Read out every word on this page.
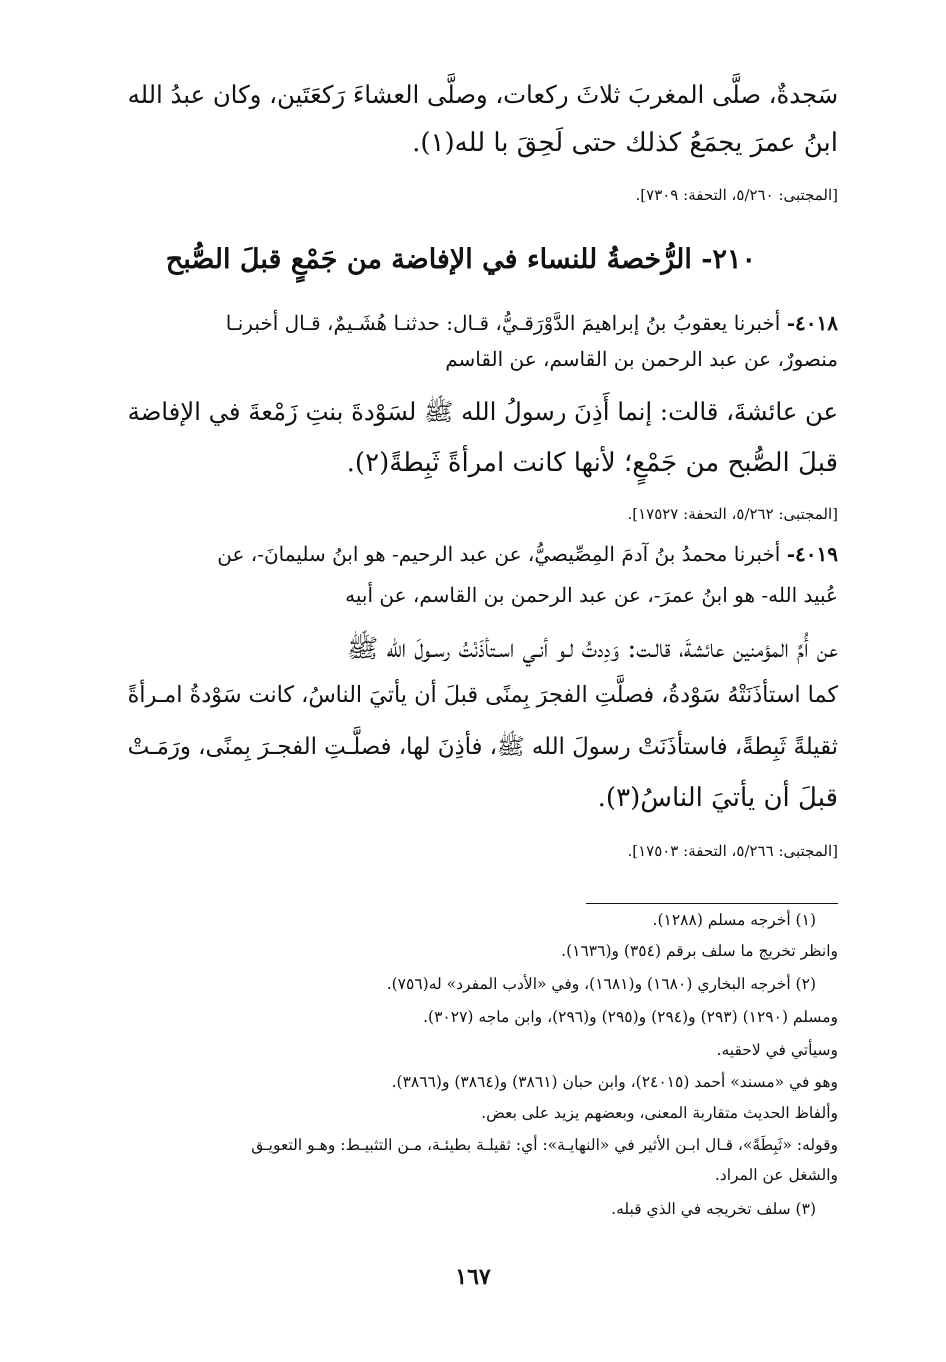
سَجدةٌ، صلَّى المغربَ ثلاثَ ركعات، وصلَّى العشاءَ رَكعَتَين، وكان عبدُ الله

ابنُ عمرَ يجمَعُ كذلك حتى لَحِقَ با لله(١).

[المجتبى: ٥/٢٦٠، التحفة: ٧٣٠٩].

٢١٠- الرُّخصةُ للنساء في الإفاضة من جَمْعٍ قبلَ الصُّبح

٤٠١٨- أخبرنا يعقوبُ بنُ إبراهيمَ الدَّوْرَقـيُّ، قـال: حدثنـا هُشَـيمٌ، قـال أخبرنـا

منصورٌ، عن عبد الرحمن بن القاسم، عن القاسم

عن عائشةَ، قالت: إنما أَذِنَ رسولُ الله ﷺ لسَوْدةَ بنتِ زَمْعةَ في الإفاضة

قبلَ الصُّبح من جَمْعٍ؛ لأنها كانت امرأةً ثَبِطةً(٢).

[المجتبى: ٥/٢٦٢، التحفة: ١٧٥٢٧].

٤٠١٩- أخبرنا محمدُ بنُ آدمَ المِصِّيصيُّ، عن عبد الرحيم- هو ابنُ سليمانَ-، عن

عُبيد الله- هو ابنُ عمرَ-، عن عبد الرحمن بن القاسم، عن أبيه

عن أُمِّ المؤمنين عائشةَ، قالـت: وَدِدتُ لـو أنـي اسـتأذَنْتُ رسـولَ الله ﷺ

كما استأذَنَتْهُ سَوْدةُ، فصلَّتِ الفجرَ بِمنًى قبلَ أن يأتيَ الناسُ، كانت سَوْدةُ امـرأةً

ثقيلةً ثَبِطةً، فاستأذَنَتْ رسولَ الله ﷺ، فأذِنَ لها، فصلَّـتِ الفجـرَ بِمنًى، ورَمَـتْ

قبلَ أن يأتيَ الناسُ(٣).

[المجتبى: ٥/٢٦٦، التحفة: ١٧٥٠٣].

(١) أخرجه مسلم (١٢٨٨).

وانظر تخريج ما سلف برقم (٣٥٤) و(١٦٣٦).

(٢) أخرجه البخاري (١٦٨٠) و(١٦٨١)، وفي «الأدب المفرد» له(٧٥٦).

ومسلم (١٢٩٠) (٢٩٣) و(٢٩٤) و(٢٩٥) و(٢٩٦)، وابن ماجه (٣٠٢٧).

وسيأتي في لاحقيه.

وهو في «مسند» أحمد (٢٤٠١٥)، وابن حبان (٣٨٦١) و(٣٨٦٤) و(٣٨٦٦).

وألفاظ الحديث متقاربة المعنى، وبعضهم يزيد على بعض.

وقوله: «ثَبِطَةً»، قـال ابـن الأثير في «النهايـة»: أي: ثقيلـة بطيئـة، مـن التثبيـط: وهـو التعويـق

والشغل عن المراد.

(٣) سلف تخريجه في الذي قبله.

١٦٧
